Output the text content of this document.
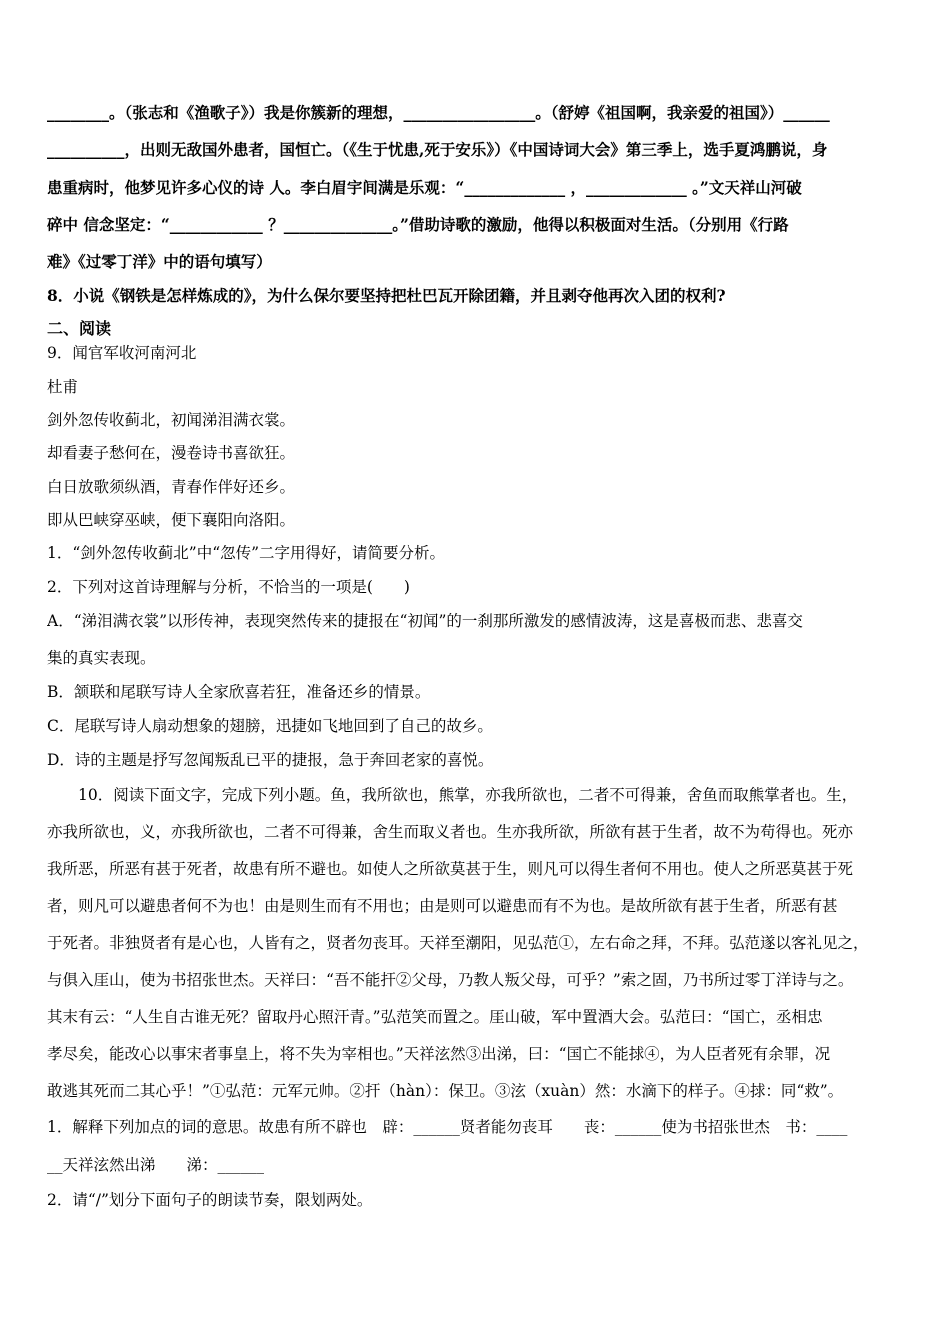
________。（张志和《渔歌子》）我是你簇新的理想，_________________。（舒婷《祖国啊，我亲爱的祖国》）______
__________，出则无敌国外患者，国恒亡。（《生于忧患,死于安乐》）《中国诗词大会》第三季上，选手夏鸿鹏说，身
患重病时，他梦见许多心仪的诗 人。李白眉宇间满是乐观：“_____________ ，_____________ 。”文天祥山河破
碎中 信念坚定：“____________ ？______________。”借助诗歌的激励，他得以积极面对生活。（分别用《行路
难》《过零丁洋》中的语句填写）
8．小说《钢铁是怎样炼成的》，为什么保尔要坚持把杜巴瓦开除团籍，并且剥夺他再次入团的权利?
二、阅读
9．闻官军收河南河北
杜甫
剑外忽传收蓟北，初闻涕泪满衣裳。
却看妻子愁何在，漫卷诗书喜欲狂。
白日放歌须纵酒，青春作伴好还乡。
即从巴峡穿巫峡，便下襄阳向洛阳。
1．“剑外忽传收蓟北”中“忽传”二字用得好，请简要分析。
2．下列对这首诗理解与分析，不恰当的一项是(　　)
A．“涕泪满衣裳”以形传神，表现突然传来的捷报在“初闻”的一刹那所激发的感情波涛，这是喜极而悲、悲喜交
集的真实表现。
B．颔联和尾联写诗人全家欣喜若狂，准备还乡的情景。
C．尾联写诗人扇动想象的翅膀，迅捷如飞地回到了自己的故乡。
D．诗的主题是抒写忽闻叛乱已平的捷报，急于奔回老家的喜悦。
10．阅读下面文字，完成下列小题。鱼，我所欲也，熊掌，亦我所欲也，二者不可得兼，舍鱼而取熊掌者也。生，
亦我所欲也，义，亦我所欲也，二者不可得兼，舍生而取义者也。生亦我所欲，所欲有甚于生者，故不为苟得也。死亦
我所恶，所恶有甚于死者，故患有所不避也。如使人之所欲莫甚于生，则凡可以得生者何不用也。使人之所恶莫甚于死
者，则凡可以避患者何不为也！由是则生而有不用也；由是则可以避患而有不为也。是故所欲有甚于生者，所恶有甚
于死者。非独贤者有是心也，人皆有之，贤者勿丧耳。天祥至潮阳，见弘范①，左右命之拜，不拜。弘范遂以客礼见之，
与俱入厓山，使为书招张世杰。天祥曰：“吾不能扞②父母，乃教人叛父母，可乎？”索之固，乃书所过零丁洋诗与之。
其末有云：“人生自古谁无死？留取丹心照汗青。”弘范笑而置之。厓山破，军中置酒大会。弘范曰：“国亡，丞相忠
孝尽矣，能改心以事宋者事皇上，将不失为宰相也。”天祥泫然③出涕，曰：“国亡不能捄④，为人臣者死有余罪，况
敢逃其死而二其心乎！”①弘范：元军元帅。②扞（hàn）：保卫。③泫（xuàn）然：水滴下的样子。④捄：同“救”。
1．解释下列加点的词的意思。故患有所不辟也　辟：______贤者能勿丧耳　　丧：______使为书招张世杰　书：____
__天祥泫然出涕　　涕：______
2．请“/”划分下面句子的朗读节奏，限划两处。
